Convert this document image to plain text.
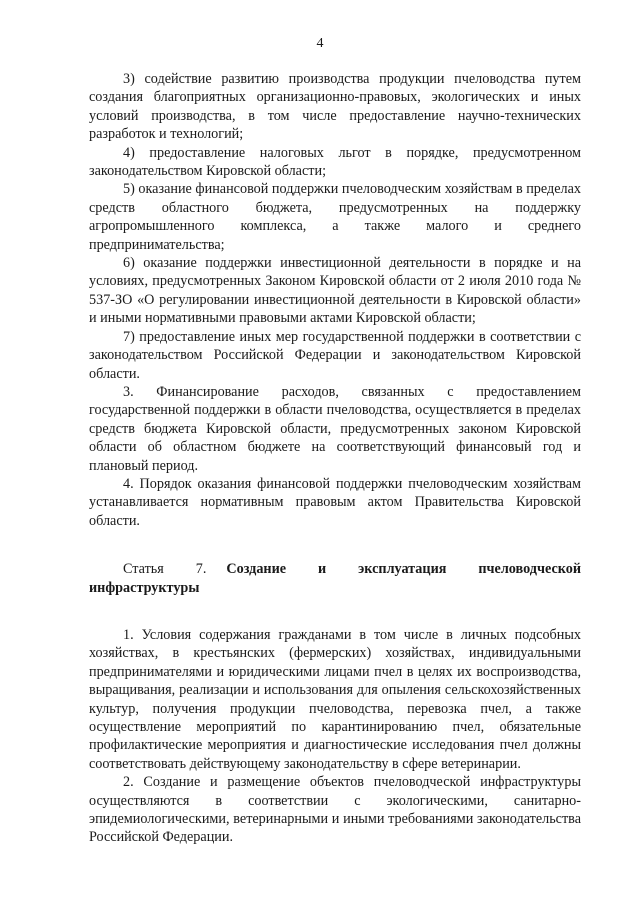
4

3) содействие развитию производства продукции пчеловодства путем создания благоприятных организационно-правовых, экологических и иных условий производства, в том числе предоставление научно-технических разработок и технологий;

4) предоставление налоговых льгот в порядке, предусмотренном законодательством Кировской области;

5) оказание финансовой поддержки пчеловодческим хозяйствам в пределах средств областного бюджета, предусмотренных на поддержку агропромышленного комплекса, а также малого и среднего предпринимательства;

6) оказание поддержки инвестиционной деятельности в порядке и на условиях, предусмотренных Законом Кировской области от 2 июля 2010 года № 537-ЗО «О регулировании инвестиционной деятельности в Кировской области» и иными нормативными правовыми актами Кировской области;

7) предоставление иных мер государственной поддержки в соответствии с законодательством Российской Федерации и законодательством Кировской области.

3. Финансирование расходов, связанных с предоставлением государственной поддержки в области пчеловодства, осуществляется в пределах средств бюджета Кировской области, предусмотренных законом Кировской области об областном бюджете на соответствующий финансовый год и плановый период.

4. Порядок оказания финансовой поддержки пчеловодческим хозяйствам устанавливается нормативным правовым актом Правительства Кировской области.

Статья 7. Создание и эксплуатация пчеловодческой инфраструктуры

1. Условия содержания гражданами в том числе в личных подсобных хозяйствах, в крестьянских (фермерских) хозяйствах, индивидуальными предпринимателями и юридическими лицами пчел в целях их воспроизводства, выращивания, реализации и использования для опыления сельскохозяйственных культур, получения продукции пчеловодства, перевозка пчел, а также осуществление мероприятий по карантинированию пчел, обязательные профилактические мероприятия и диагностические исследования пчел должны соответствовать действующему законодательству в сфере ветеринарии.

2. Создание и размещение объектов пчеловодческой инфраструктуры осуществляются в соответствии с экологическими, санитарно-эпидемиологическими, ветеринарными и иными требованиями законодательства Российской Федерации.
